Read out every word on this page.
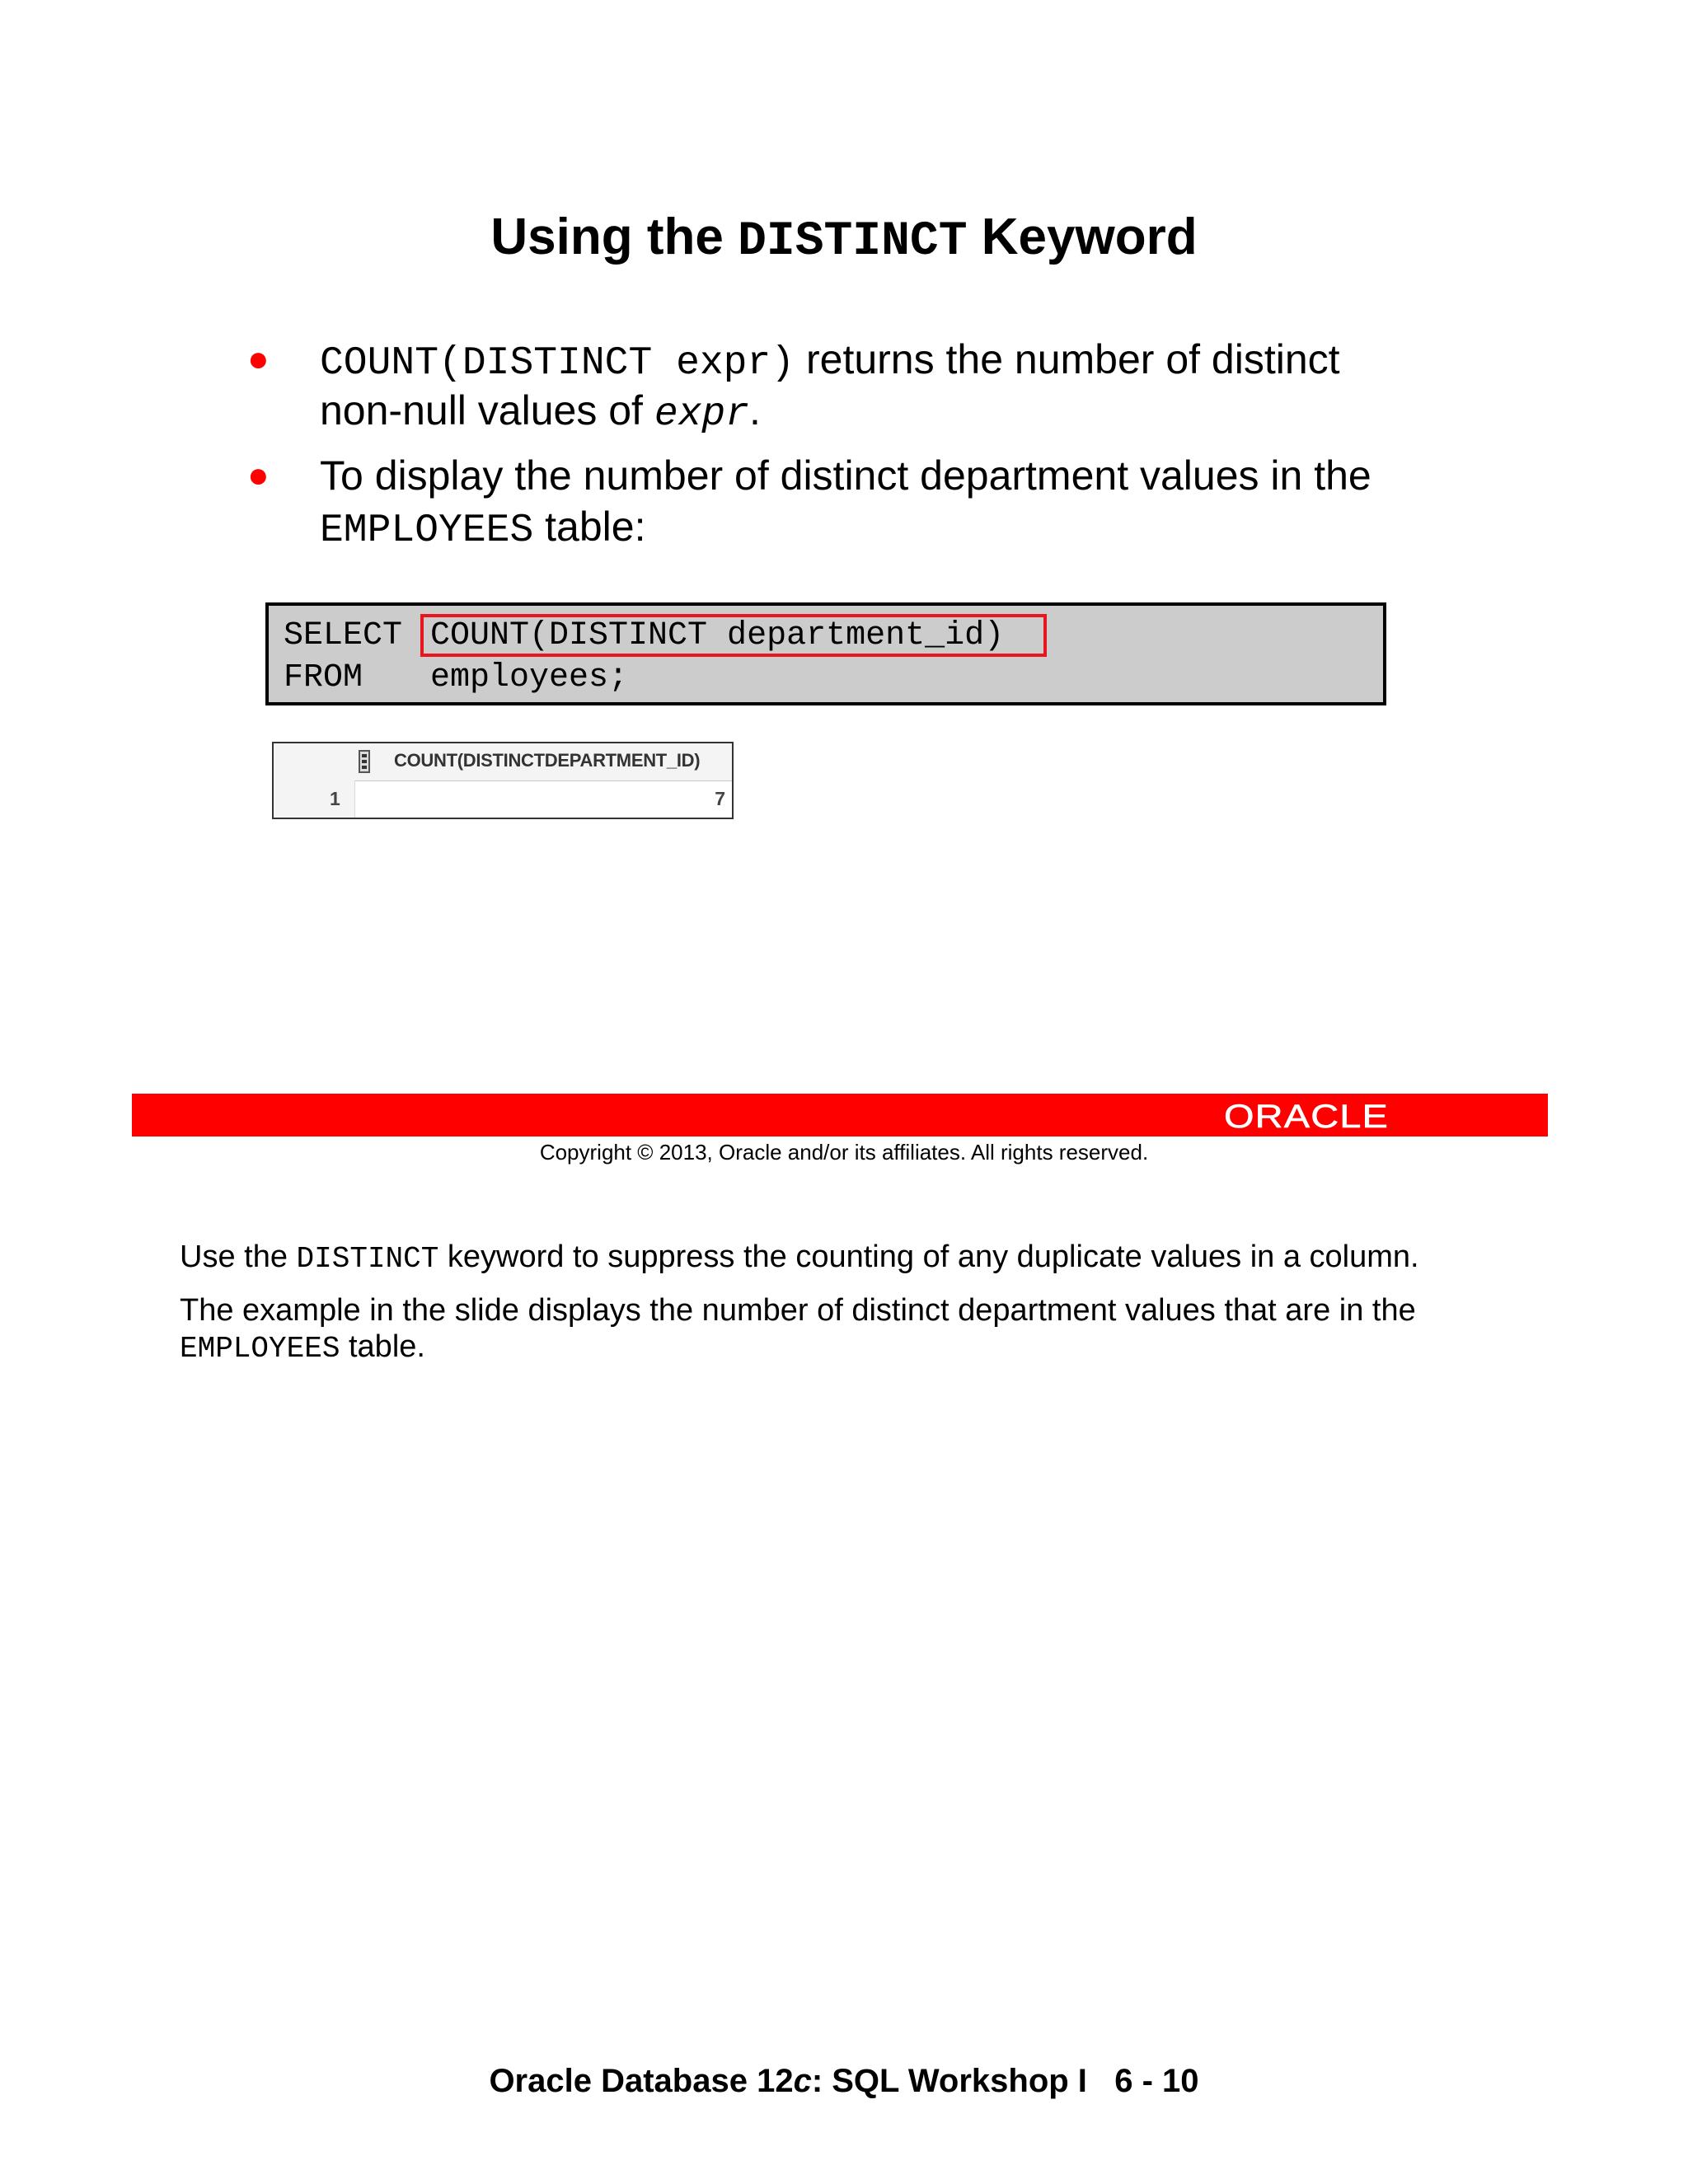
Using the DISTINCT Keyword
● COUNT(DISTINCT expr) returns the number of distinct
non-null values of expr.
● To display the number of distinct department values in the
EMPLOYEES table:
SELECT COUNT(DISTINCT department_id)
FROM employees;
COUNT(DISTINCTDEPARTMENT_ID)
1	7
ORACLE
Copyright © 2013, Oracle and/or its affiliates. All rights reserved.
Use the DISTINCT keyword to suppress the counting of any duplicate values in a column.
The example in the slide displays the number of distinct department values that are in the
EMPLOYEES table.
Oracle Database 12c: SQL Workshop I   6 - 10
